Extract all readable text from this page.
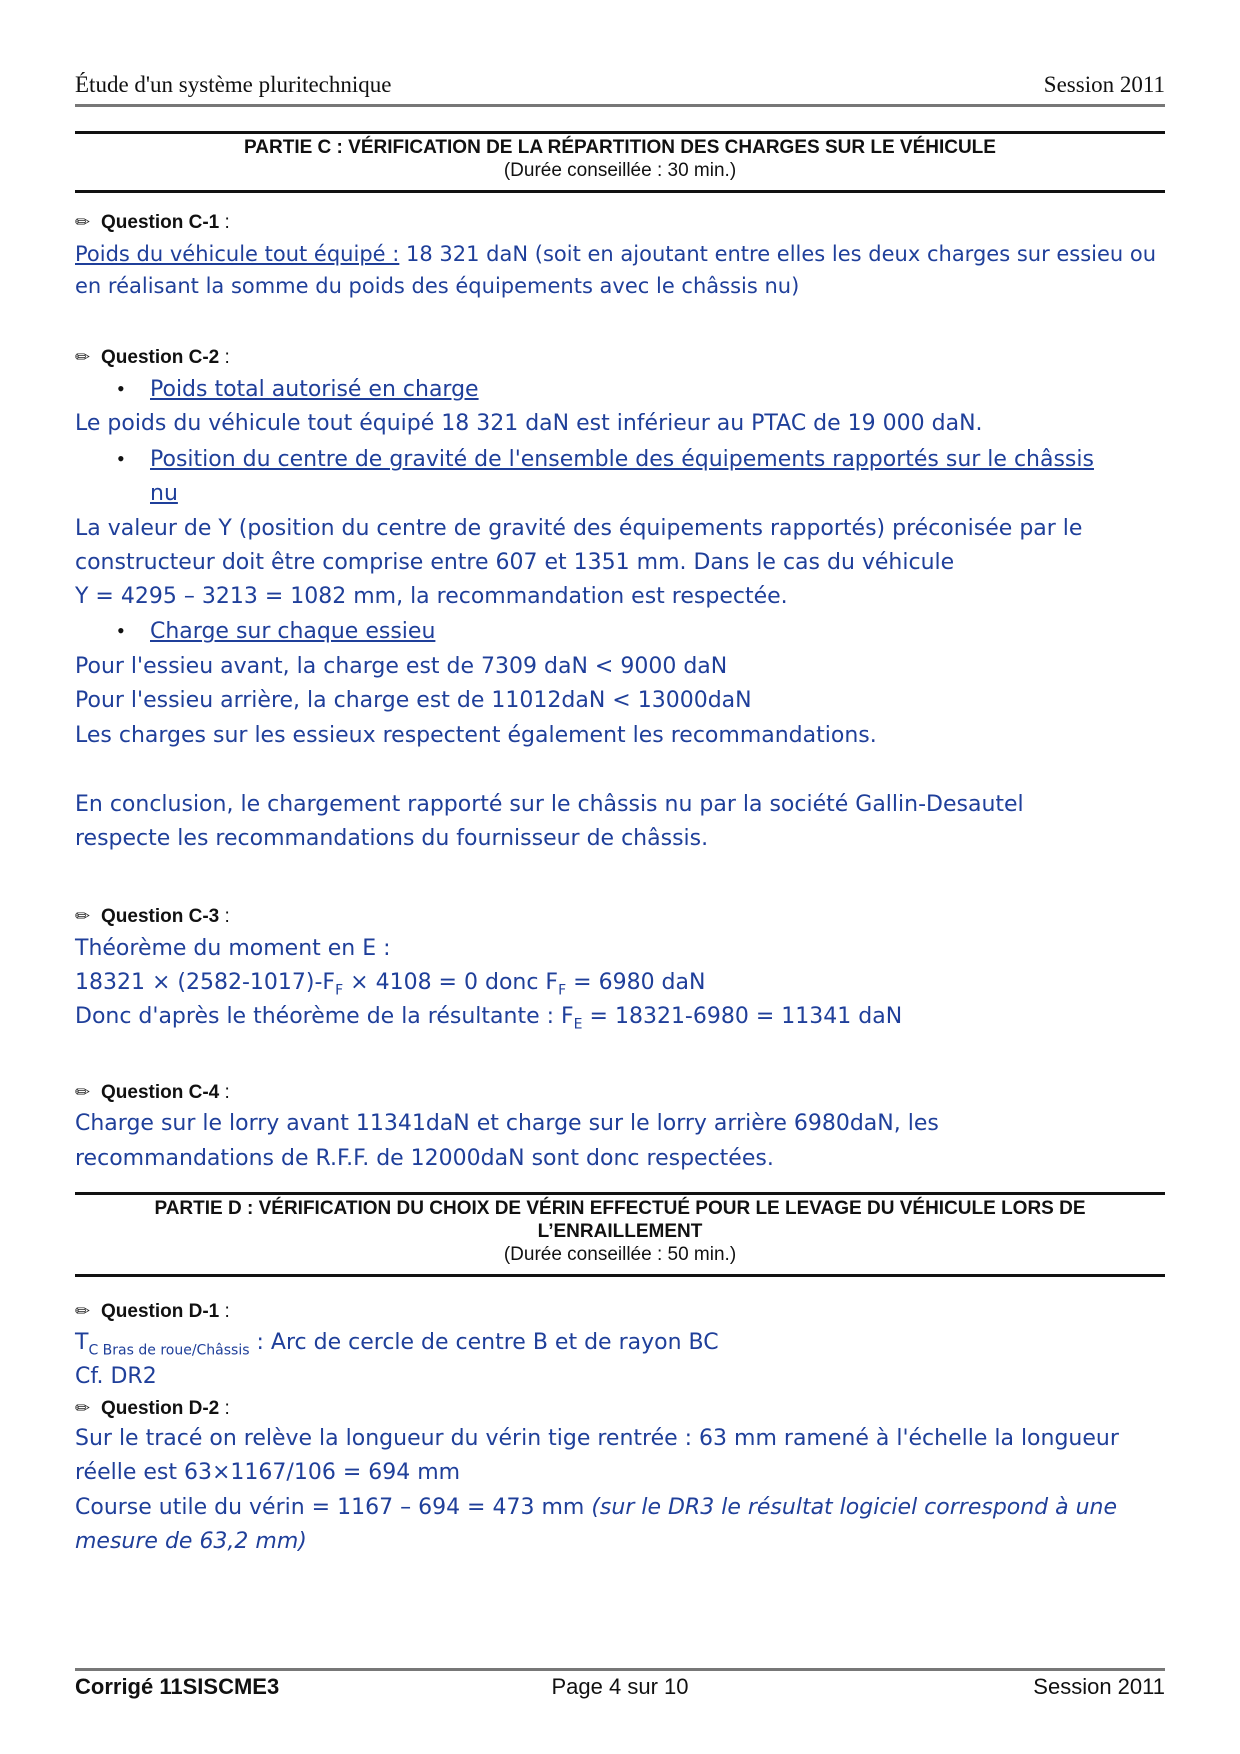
Étude d'un système pluritechnique	Session 2011
PARTIE C : VÉRIFICATION DE LA RÉPARTITION DES CHARGES SUR LE VÉHICULE
(Durée conseillée : 30 min.)
✏ Question C-1 :
Poids du véhicule tout équipé : 18 321 daN (soit en ajoutant entre elles les deux charges sur essieu ou
en réalisant la somme du poids des équipements avec le châssis nu)
✏ Question C-2 :
• Poids total autorisé en charge
Le poids du véhicule tout équipé 18 321 daN est inférieur au PTAC de 19 000 daN.
• Position du centre de gravité de l'ensemble des équipements rapportés sur le châssis
nu
La valeur de Y (position du centre de gravité des équipements rapportés) préconisée par le
constructeur doit être comprise entre 607 et 1351 mm. Dans le cas du véhicule
Y = 4295 – 3213 = 1082 mm, la recommandation est respectée.
• Charge sur chaque essieu
Pour l'essieu avant, la charge est de 7309 daN < 9000 daN
Pour l'essieu arrière, la charge est de 11012daN < 13000daN
Les charges sur les essieux respectent également les recommandations.
En conclusion, le chargement rapporté sur le châssis nu par la société Gallin-Desautel
respecte les recommandations du fournisseur de châssis.
✏ Question C-3 :
Théorème du moment en E :
$18321 \times (2582-1017)-F_F \times 4108 = 0$ donc $F_F = 6980$ daN
Donc d'après le théorème de la résultante : $F_E = 18321-6980 = 11341$ daN
✏ Question C-4 :
Charge sur le lorry avant 11341daN et charge sur le lorry arrière 6980daN, les
recommandations de R.F.F. de 12000daN sont donc respectées.
PARTIE D : VÉRIFICATION DU CHOIX DE VÉRIN EFFECTUÉ POUR LE LEVAGE DU VÉHICULE LORS DE
L’ENRAILLEMENT
(Durée conseillée : 50 min.)
✏ Question D-1 :
$T_{C Bras de roue/Châssis}$ : Arc de cercle de centre B et de rayon BC
Cf. DR2
✏ Question D-2 :
Sur le tracé on relève la longueur du vérin tige rentrée : 63 mm ramené à l'échelle la longueur
réelle est 63×1167/106 = 694 mm
Course utile du vérin = 1167 – 694 = 473 mm (sur le DR3 le résultat logiciel correspond à une
mesure de 63,2 mm)
Corrigé 11SISCME3	Page 4 sur 10	Session 2011
